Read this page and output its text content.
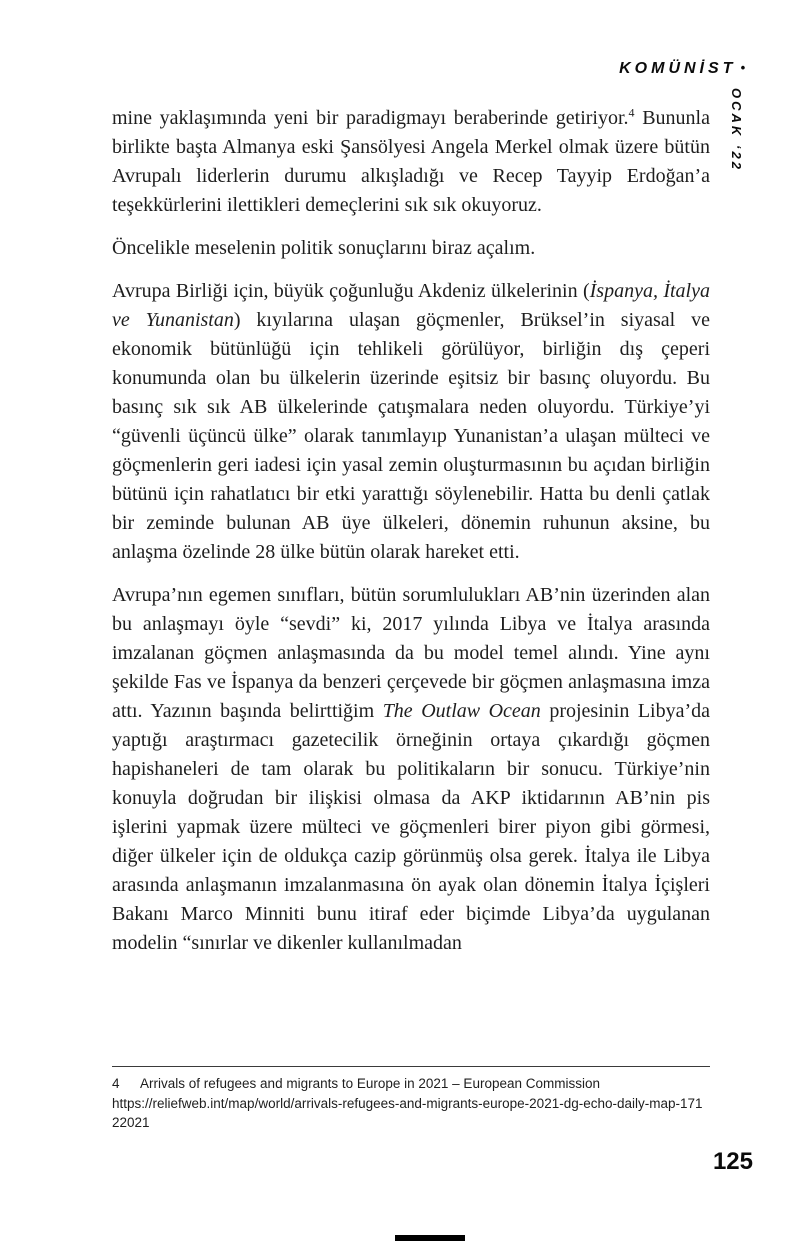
KOMÜNİST •
OCAK ‘22

mine yaklaşımında yeni bir paradigmayı beraberinde getiriyor.$^4$ Bununla birlikte başta Almanya eski Şansölyesi Angela Merkel olmak üzere bütün Avrupalı liderlerin durumu alkışladığı ve Recep Tayyip Erdoğan’a teşekkürlerini ilettikleri demeçlerini sık sık okuyoruz.

Öncelikle meselenin politik sonuçlarını biraz açalım.

Avrupa Birliği için, büyük çoğunluğu Akdeniz ülkelerinin (İspanya, İtalya ve Yunanistan) kıyılarına ulaşan göçmenler, Brüksel’in siyasal ve ekonomik bütünlüğü için tehlikeli görülüyor, birliğin dış çeperi konumunda olan bu ülkelerin üzerinde eşitsiz bir basınç oluyordu. Bu basınç sık sık AB ülkelerinde çatışmalara neden oluyordu. Türkiye’yi “güvenli üçüncü ülke” olarak tanımlayıp Yunanistan’a ulaşan mülteci ve göçmenlerin geri iadesi için yasal zemin oluşturmasının bu açıdan birliğin bütünü için rahatlatıcı bir etki yarattığı söylenebilir. Hatta bu denli çatlak bir zeminde bulunan AB üye ülkeleri, dönemin ruhunun aksine, bu anlaşma özelinde 28 ülke bütün olarak hareket etti.

Avrupa’nın egemen sınıfları, bütün sorumlulukları AB’nin üzerinden alan bu anlaşmayı öyle “sevdi” ki, 2017 yılında Libya ve İtalya arasında imzalanan göçmen anlaşmasında da bu model temel alındı. Yine aynı şekilde Fas ve İspanya da benzeri çerçevede bir göçmen anlaşmasına imza attı. Yazının başında belirttiğim The Outlaw Ocean projesinin Libya’da yaptığı araştırmacı gazetecilik örneğinin ortaya çıkardığı göçmen hapishaneleri de tam olarak bu politikaların bir sonucu. Türkiye’nin konuyla doğrudan bir ilişkisi olmasa da AKP iktidarının AB’nin pis işlerini yapmak üzere mülteci ve göçmenleri birer piyon gibi görmesi, diğer ülkeler için de oldukça cazip görünmüş olsa gerek. İtalya ile Libya arasında anlaşmanın imzalanmasına ön ayak olan dönemin İtalya İçişleri Bakanı Marco Minniti bunu itiraf eder biçimde Libya’da uygulanan modelin “sınırlar ve dikenler kullanılmadan

4 Arrivals of refugees and migrants to Europe in 2021 – European Commission
https://reliefweb.int/map/world/arrivals-refugees-and-migrants-europe-2021-dg-echo-daily-map-17122021
125
